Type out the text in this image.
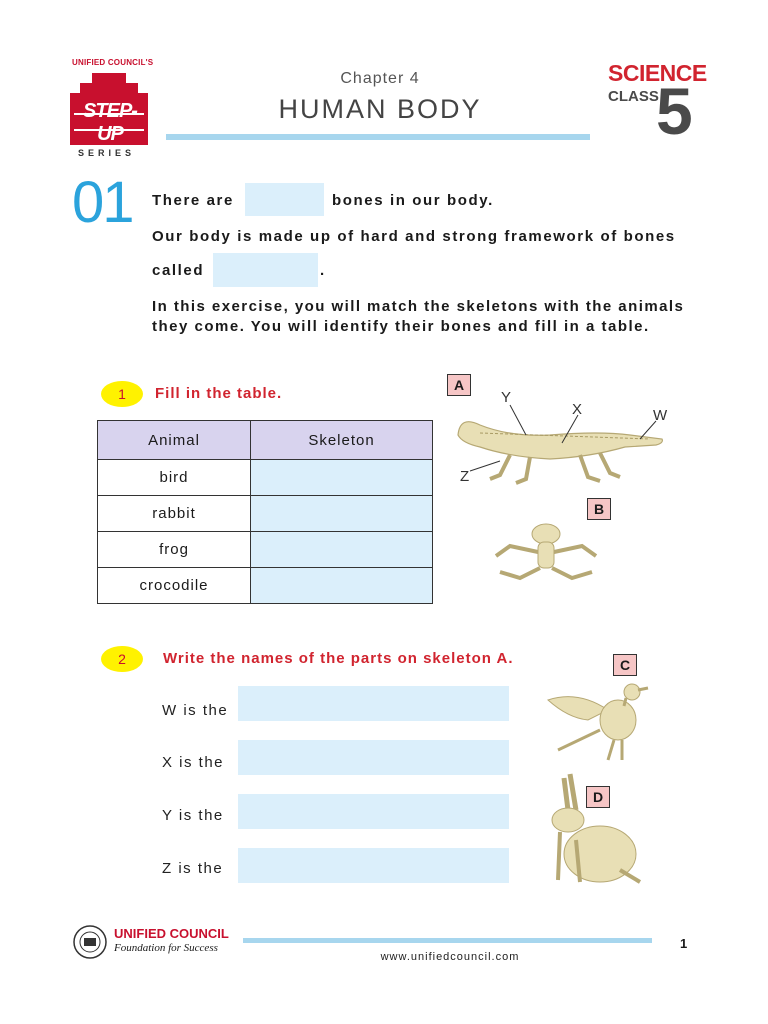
UNIFIED COUNCIL'S
STEP-UP
SERIES
Chapter 4
HUMAN BODY
SCIENCE
CLASS
5
01 There are	bones in our body.
Our body is made up of hard and strong framework of bones
called	.
In this exercise, you will match the skeletons with the animals
they come. You will identify their bones and fill in a table.
1	Fill in the table.
Animal	Skeleton
bird	
rabbit	
frog	
crocodile	
A
Y
X	W
Z
B
2	Write the names of the parts on skeleton A.
W is the
X is the
Y is the
Z is the
C
D
UNIFIED COUNCIL
Foundation for Success
www.unifiedcouncil.com
1
